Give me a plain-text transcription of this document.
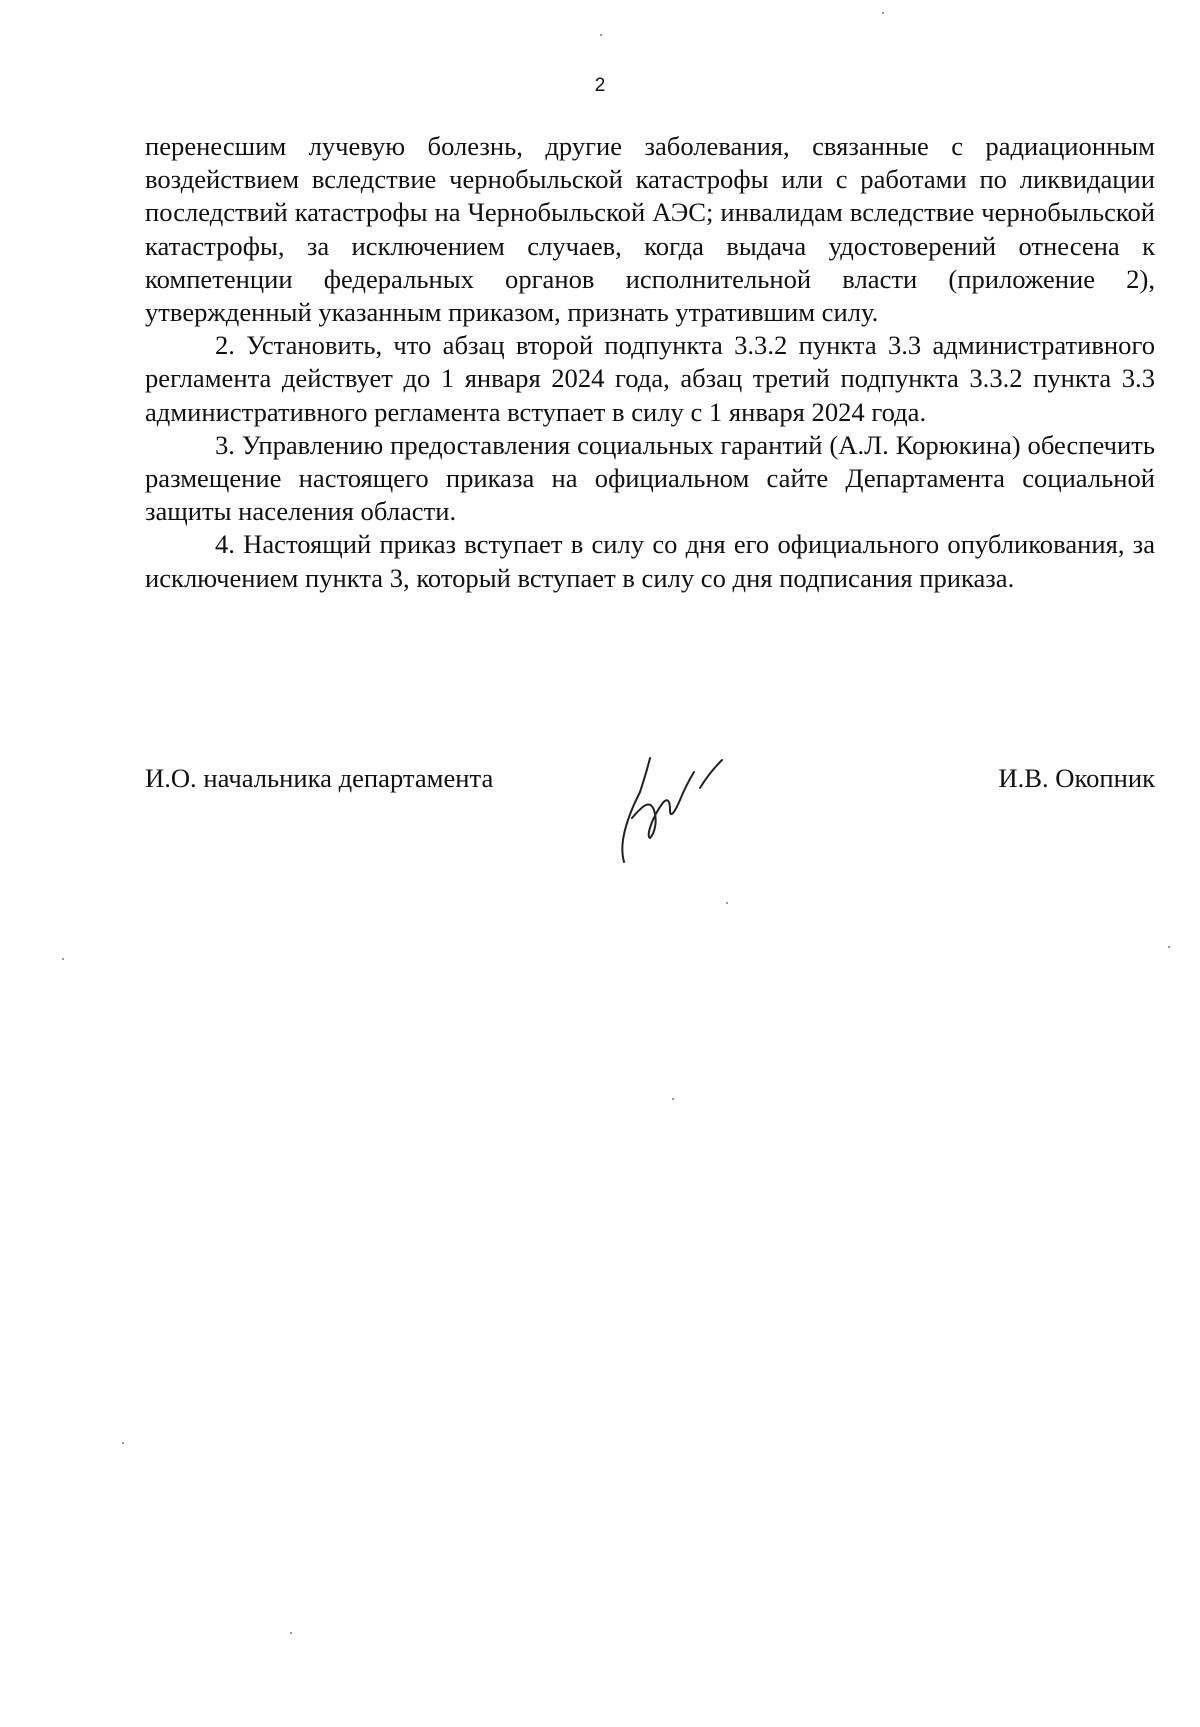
2

перенесшим лучевую болезнь, другие заболевания, связанные с радиационным воздействием вследствие чернобыльской катастрофы или с работами по ликвидации последствий катастрофы на Чернобыльской АЭС; инвалидам вследствие чернобыльской катастрофы, за исключением случаев, когда выдача удостоверений отнесена к компетенции федеральных органов исполнительной власти (приложение 2), утвержденный указанным приказом, признать утратившим силу.

2. Установить, что абзац второй подпункта 3.3.2 пункта 3.3 административного регламента действует до 1 января 2024 года, абзац третий подпункта 3.3.2 пункта 3.3 административного регламента вступает в силу с 1 января 2024 года.

3. Управлению предоставления социальных гарантий (А.Л. Корюкина) обеспечить размещение настоящего приказа на официальном сайте Департамента социальной защиты населения области.

4. Настоящий приказ вступает в силу со дня его официального опубликования, за исключением пункта 3, который вступает в силу со дня подписания приказа.

И.О. начальника департамента	И.В. Окопник
